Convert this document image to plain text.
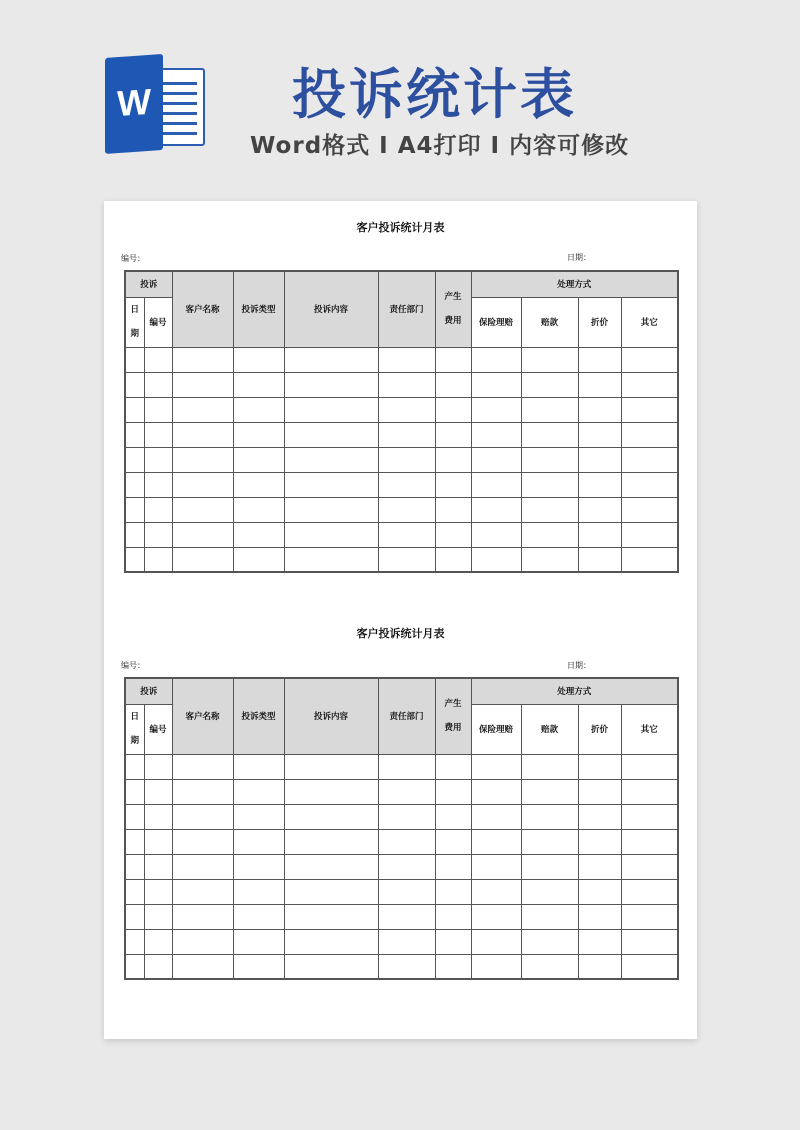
W	投诉统计表
Word格式 I A4打印 I 内容可修改
客户投诉统计月表
编号：	日期：
投诉		客户名称	投诉类型	投诉内容	责任部门	产生费用	处理方式			
日期	编号						保险理赔	赔款	折价	其它

客户投诉统计月表
编号：	日期：
投诉		客户名称	投诉类型	投诉内容	责任部门	产生费用	处理方式			
日期	编号						保险理赔	赔款	折价	其它
